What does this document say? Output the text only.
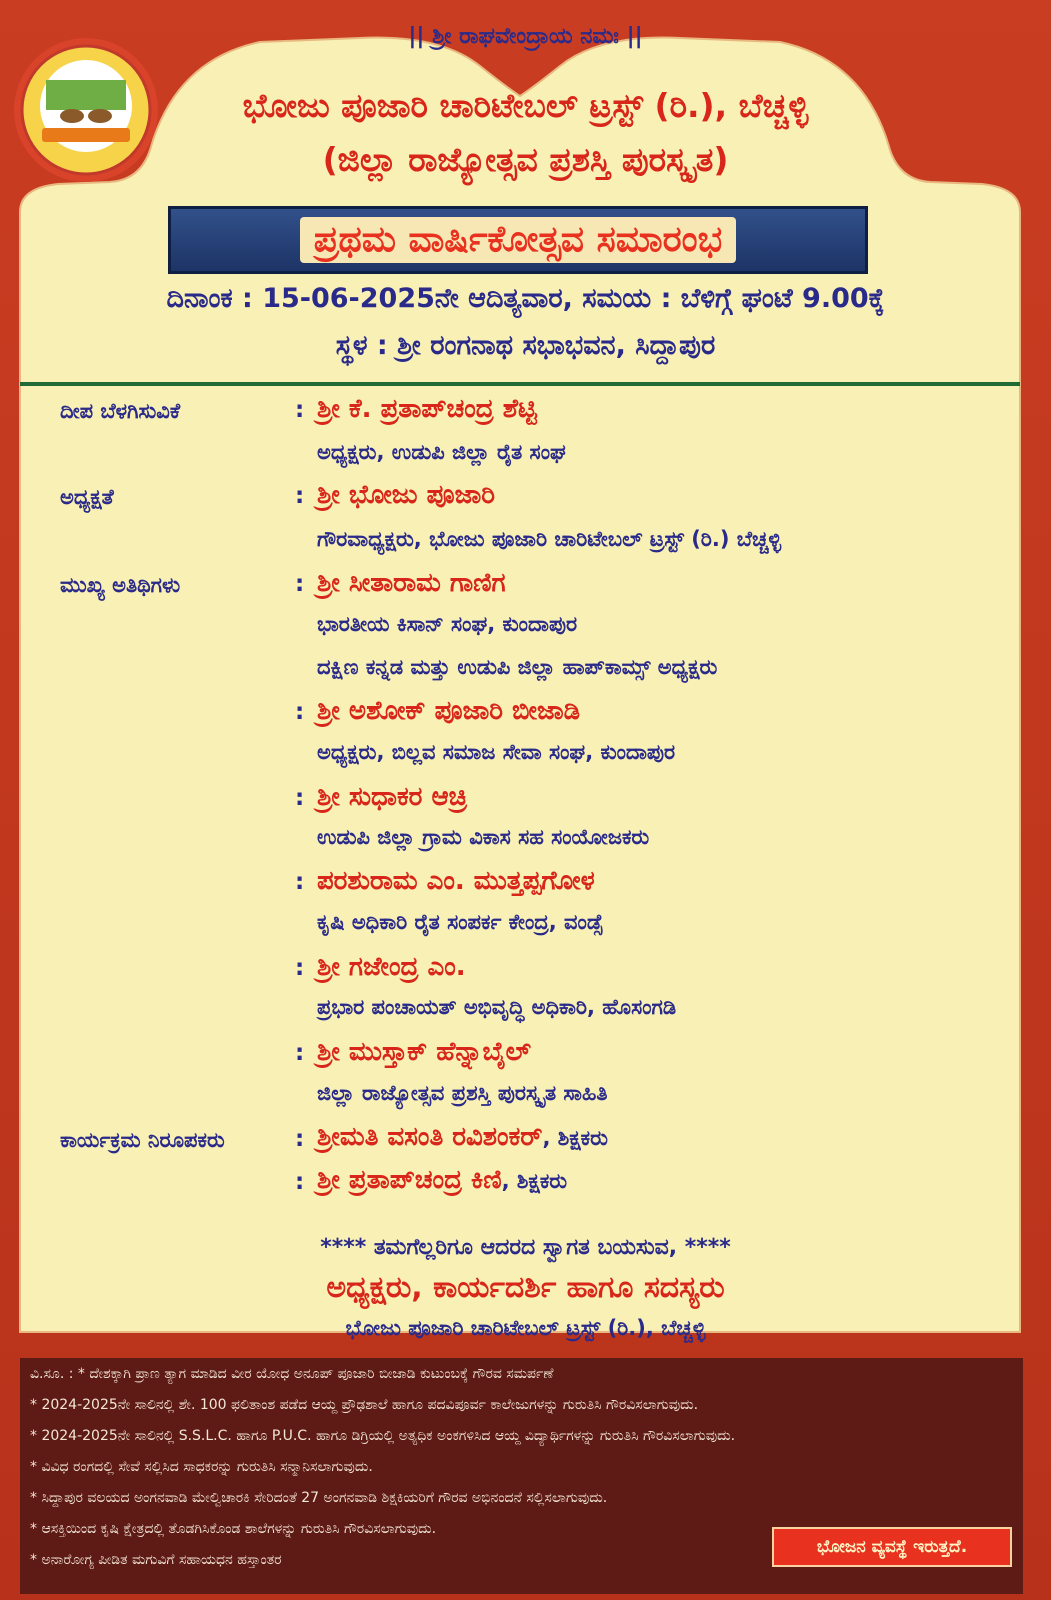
|| ಶ್ರೀ ರಾಘವೇಂದ್ರಾಯ ನಮಃ ||
ಭೋಜು ಪೂಜಾರಿ ಚಾರಿಟೇಬಲ್ ಟ್ರಸ್ಟ್ (ರಿ.), ಬೆಚ್ಚಳ್ಳಿ
(ಜಿಲ್ಲಾ ರಾಜ್ಯೋತ್ಸವ ಪ್ರಶಸ್ತಿ ಪುರಸ್ಕೃತ)
ಪ್ರಥಮ ವಾರ್ಷಿಕೋತ್ಸವ ಸಮಾರಂಭ
ದಿನಾಂಕ : 15-06-2025ನೇ ಆದಿತ್ಯವಾರ, ಸಮಯ : ಬೆಳಿಗ್ಗೆ ಘಂಟೆ 9.00ಕ್ಕೆ
ಸ್ಥಳ : ಶ್ರೀ ರಂಗನಾಥ ಸಭಾಭವನ, ಸಿದ್ದಾಪುರ
ದೀಪ ಬೆಳಗಿಸುವಿಕೆ	: ಶ್ರೀ ಕೆ. ಪ್ರತಾಪ್‌ಚಂದ್ರ ಶೆಟ್ಟಿ
ಅಧ್ಯಕ್ಷರು, ಉಡುಪಿ ಜಿಲ್ಲಾ ರೈತ ಸಂಘ
ಅಧ್ಯಕ್ಷತೆ	: ಶ್ರೀ ಭೋಜು ಪೂಜಾರಿ
ಗೌರವಾಧ್ಯಕ್ಷರು, ಭೋಜು ಪೂಜಾರಿ ಚಾರಿಟೇಬಲ್ ಟ್ರಸ್ಟ್ (ರಿ.) ಬೆಚ್ಚಳ್ಳಿ
ಮುಖ್ಯ ಅತಿಥಿಗಳು	: ಶ್ರೀ ಸೀತಾರಾಮ ಗಾಣಿಗ
ಭಾರತೀಯ ಕಿಸಾನ್ ಸಂಘ, ಕುಂದಾಪುರ
ದಕ್ಷಿಣ ಕನ್ನಡ ಮತ್ತು ಉಡುಪಿ ಜಿಲ್ಲಾ ಹಾಪ್‌ಕಾಮ್ಸ್ ಅಧ್ಯಕ್ಷರು
: ಶ್ರೀ ಅಶೋಕ್ ಪೂಜಾರಿ ಬೀಜಾಡಿ
ಅಧ್ಯಕ್ಷರು, ಬಿಲ್ಲವ ಸಮಾಜ ಸೇವಾ ಸಂಘ, ಕುಂದಾಪುರ
: ಶ್ರೀ ಸುಧಾಕರ ಆಚ್ರಿ
ಉಡುಪಿ ಜಿಲ್ಲಾ ಗ್ರಾಮ ವಿಕಾಸ ಸಹ ಸಂಯೋಜಕರು
: ಪರಶುರಾಮ ಎಂ. ಮುತ್ತಪ್ಪಗೋಳ
ಕೃಷಿ ಅಧಿಕಾರಿ ರೈತ ಸಂಪರ್ಕ ಕೇಂದ್ರ, ವಂಡ್ಸೆ
: ಶ್ರೀ ಗಜೇಂದ್ರ ಎಂ.
ಪ್ರಭಾರ ಪಂಚಾಯತ್ ಅಭಿವೃದ್ಧಿ ಅಧಿಕಾರಿ, ಹೊಸಂಗಡಿ
: ಶ್ರೀ ಮುಸ್ತಾಕ್ ಹೆನ್ನಾಬೈಲ್
ಜಿಲ್ಲಾ ರಾಜ್ಯೋತ್ಸವ ಪ್ರಶಸ್ತಿ ಪುರಸ್ಕೃತ ಸಾಹಿತಿ
ಕಾರ್ಯಕ್ರಮ ನಿರೂಪಕರು	: ಶ್ರೀಮತಿ ವಸಂತಿ ರವಿಶಂಕರ್, ಶಿಕ್ಷಕರು
: ಶ್ರೀ ಪ್ರತಾಪ್‌ಚಂದ್ರ ಕಿಣಿ, ಶಿಕ್ಷಕರು
**** ತಮಗೆಲ್ಲರಿಗೂ ಆದರದ ಸ್ವಾಗತ ಬಯಸುವ, ****
ಅಧ್ಯಕ್ಷರು, ಕಾರ್ಯದರ್ಶಿ ಹಾಗೂ ಸದಸ್ಯರು
ಭೋಜು ಪೂಜಾರಿ ಚಾರಿಟೇಬಲ್ ಟ್ರಸ್ಟ್ (ರಿ.), ಬೆಚ್ಚಳ್ಳಿ
ವಿ.ಸೂ. : * ದೇಶಕ್ಕಾಗಿ ಪ್ರಾಣ ತ್ಯಾಗ ಮಾಡಿದ ವೀರ ಯೋಧ ಅನೂಪ್ ಪೂಜಾರಿ ಬೀಜಾಡಿ ಕುಟುಂಬಕ್ಕೆ ಗೌರವ ಸಮರ್ಪಣೆ
* 2024-2025ನೇ ಸಾಲಿನಲ್ಲಿ ಶೇ. 100 ಫಲಿತಾಂಶ ಪಡೆದ ಆಯ್ದ ಪ್ರೌಢಶಾಲೆ ಹಾಗೂ ಪದವಿಪೂರ್ವ ಕಾಲೇಜುಗಳನ್ನು ಗುರುತಿಸಿ ಗೌರವಿಸಲಾಗುವುದು.
* 2024-2025ನೇ ಸಾಲಿನಲ್ಲಿ S.S.L.C. ಹಾಗೂ P.U.C. ಹಾಗೂ ಡಿಗ್ರಿಯಲ್ಲಿ ಅತ್ಯಧಿಕ ಅಂಕಗಳಿಸಿದ ಆಯ್ದ ವಿದ್ಯಾರ್ಥಿಗಳನ್ನು ಗುರುತಿಸಿ ಗೌರವಿಸಲಾಗುವುದು.
* ವಿವಿಧ ರಂಗದಲ್ಲಿ ಸೇವೆ ಸಲ್ಲಿಸಿದ ಸಾಧಕರನ್ನು ಗುರುತಿಸಿ ಸನ್ಮಾನಿಸಲಾಗುವುದು.
* ಸಿದ್ದಾಪುರ ವಲಯದ ಅಂಗನವಾಡಿ ಮೇಲ್ವಿಚಾರಕಿ ಸೇರಿದಂತೆ 27 ಅಂಗನವಾಡಿ ಶಿಕ್ಷಕಿಯರಿಗೆ ಗೌರವ ಅಭಿನಂದನೆ ಸಲ್ಲಿಸಲಾಗುವುದು.
* ಆಸಕ್ತಿಯಿಂದ ಕೃಷಿ ಕ್ಷೇತ್ರದಲ್ಲಿ ತೊಡಗಿಸಿಕೊಂಡ ಶಾಲೆಗಳನ್ನು ಗುರುತಿಸಿ ಗೌರವಿಸಲಾಗುವುದು.
* ಅನಾರೋಗ್ಯ ಪೀಡಿತ ಮಗುವಿಗೆ ಸಹಾಯಧನ ಹಸ್ತಾಂತರ
ಭೋಜನ ವ್ಯವಸ್ಥೆ ಇರುತ್ತದೆ.
